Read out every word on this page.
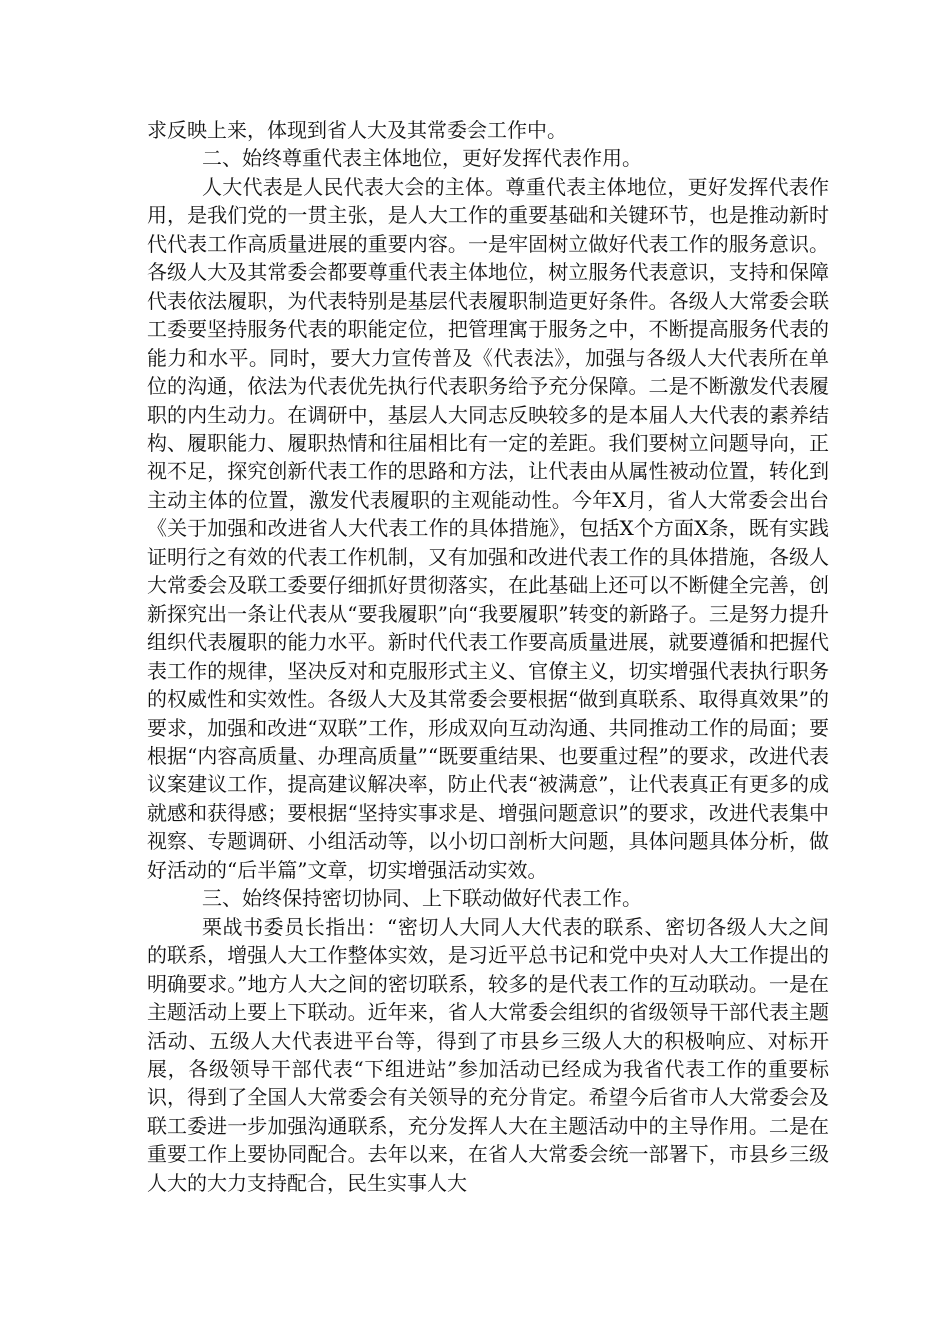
求反映上来，体现到省人大及其常委会工作中。

二、始终尊重代表主体地位，更好发挥代表作用。

人大代表是人民代表大会的主体。尊重代表主体地位，更好发挥代表作用，是我们党的一贯主张，是人大工作的重要基础和关键环节，也是推动新时代代表工作高质量进展的重要内容。一是牢固树立做好代表工作的服务意识。各级人大及其常委会都要尊重代表主体地位，树立服务代表意识，支持和保障代表依法履职，为代表特别是基层代表履职制造更好条件。各级人大常委会联工委要坚持服务代表的职能定位，把管理寓于服务之中，不断提高服务代表的能力和水平。同时，要大力宣传普及《代表法》，加强与各级人大代表所在单位的沟通，依法为代表优先执行代表职务给予充分保障。二是不断激发代表履职的内生动力。在调研中，基层人大同志反映较多的是本届人大代表的素养结构、履职能力、履职热情和往届相比有一定的差距。我们要树立问题导向，正视不足，探究创新代表工作的思路和方法，让代表由从属性被动位置，转化到主动主体的位置，激发代表履职的主观能动性。今年X月，省人大常委会出台《关于加强和改进省人大代表工作的具体措施》，包括X个方面X条，既有实践证明行之有效的代表工作机制，又有加强和改进代表工作的具体措施，各级人大常委会及联工委要仔细抓好贯彻落实，在此基础上还可以不断健全完善，创新探究出一条让代表从“要我履职”向“我要履职”转变的新路子。三是努力提升组织代表履职的能力水平。新时代代表工作要高质量进展，就要遵循和把握代表工作的规律，坚决反对和克服形式主义、官僚主义，切实增强代表执行职务的权威性和实效性。各级人大及其常委会要根据“做到真联系、取得真效果”的要求，加强和改进“双联”工作，形成双向互动沟通、共同推动工作的局面；要根据“内容高质量、办理高质量”“既要重结果、也要重过程”的要求，改进代表议案建议工作，提高建议解决率，防止代表“被满意”，让代表真正有更多的成就感和获得感；要根据“坚持实事求是、增强问题意识”的要求，改进代表集中视察、专题调研、小组活动等，以小切口剖析大问题，具体问题具体分析，做好活动的“后半篇”文章，切实增强活动实效。

三、始终保持密切协同、上下联动做好代表工作。

栗战书委员长指出：“密切人大同人大代表的联系、密切各级人大之间的联系，增强人大工作整体实效，是习近平总书记和党中央对人大工作提出的明确要求。”地方人大之间的密切联系，较多的是代表工作的互动联动。一是在主题活动上要上下联动。近年来，省人大常委会组织的省级领导干部代表主题活动、五级人大代表进平台等，得到了市县乡三级人大的积极响应、对标开展，各级领导干部代表“下组进站”参加活动已经成为我省代表工作的重要标识，得到了全国人大常委会有关领导的充分肯定。希望今后省市人大常委会及联工委进一步加强沟通联系，充分发挥人大在主题活动中的主导作用。二是在重要工作上要协同配合。去年以来，在省人大常委会统一部署下，市县乡三级人大的大力支持配合，民生实事人大
